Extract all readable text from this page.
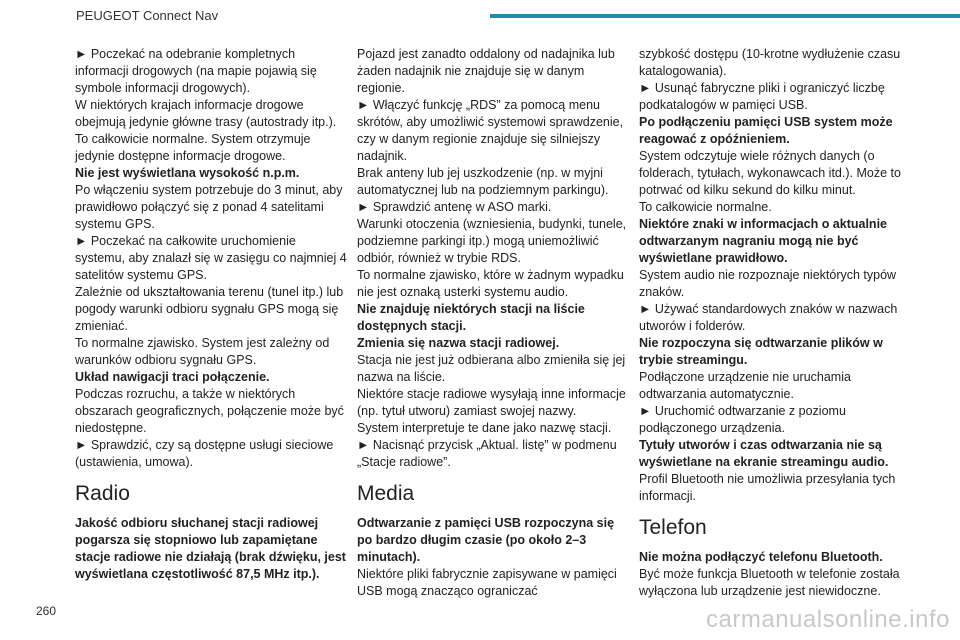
PEUGEOT Connect Nav

► Poczekać na odebranie kompletnych informacji drogowych (na mapie pojawią się symbole informacji drogowych).

W niektórych krajach informacje drogowe obejmują jedynie główne trasy (autostrady itp.).

To całkowicie normalne. System otrzymuje jedynie dostępne informacje drogowe.

Nie jest wyświetlana wysokość n.p.m.

Po włączeniu system potrzebuje do 3 minut, aby prawidłowo połączyć się z ponad 4 satelitami systemu GPS.

► Poczekać na całkowite uruchomienie systemu, aby znalazł się w zasięgu co najmniej 4 satelitów systemu GPS.

Zależnie od ukształtowania terenu (tunel itp.) lub pogody warunki odbioru sygnału GPS mogą się zmieniać.

To normalne zjawisko. System jest zależny od warunków odbioru sygnału GPS.

Układ nawigacji traci połączenie.

Podczas rozruchu, a także w niektórych obszarach geograficznych, połączenie może być niedostępne.

► Sprawdzić, czy są dostępne usługi sieciowe (ustawienia, umowa).

Radio

Jakość odbioru słuchanej stacji radiowej pogarsza się stopniowo lub zapamiętane stacje radiowe nie działają (brak dźwięku, jest wyświetlana częstotliwość 87,5 MHz itp.).

Pojazd jest zanadto oddalony od nadajnika lub żaden nadajnik nie znajduje się w danym regionie.

► Włączyć funkcję „RDS” za pomocą menu skrótów, aby umożliwić systemowi sprawdzenie, czy w danym regionie znajduje się silniejszy nadajnik.

Brak anteny lub jej uszkodzenie (np. w myjni automatycznej lub na podziemnym parkingu).

► Sprawdzić antenę w ASO marki.

Warunki otoczenia (wzniesienia, budynki, tunele, podziemne parkingi itp.) mogą uniemożliwić odbiór, również w trybie RDS.

To normalne zjawisko, które w żadnym wypadku nie jest oznaką usterki systemu audio.

Nie znajduję niektórych stacji na liście dostępnych stacji.

Zmienia się nazwa stacji radiowej.

Stacja nie jest już odbierana albo zmieniła się jej nazwa na liście.

Niektóre stacje radiowe wysyłają inne informacje (np. tytuł utworu) zamiast swojej nazwy.

System interpretuje te dane jako nazwę stacji.

► Nacisnąć przycisk „Aktual. listę” w podmenu „Stacje radiowe”.

Media

Odtwarzanie z pamięci USB rozpoczyna się po bardzo długim czasie (po około 2–3 minutach).

Niektóre pliki fabrycznie zapisywane w pamięci USB mogą znacząco ograniczać

szybkość dostępu (10-krotne wydłużenie czasu katalogowania).

► Usunąć fabryczne pliki i ograniczyć liczbę podkatalogów w pamięci USB.

Po podłączeniu pamięci USB system może reagować z opóźnieniem.

System odczytuje wiele różnych danych (o folderach, tytułach, wykonawcach itd.). Może to potrwać od kilku sekund do kilku minut.

To całkowicie normalne.

Niektóre znaki w informacjach o aktualnie odtwarzanym nagraniu mogą nie być wyświetlane prawidłowo.

System audio nie rozpoznaje niektórych typów znaków.

► Używać standardowych znaków w nazwach utworów i folderów.

Nie rozpoczyna się odtwarzanie plików w trybie streamingu.

Podłączone urządzenie nie uruchamia odtwarzania automatycznie.

► Uruchomić odtwarzanie z poziomu podłączonego urządzenia.

Tytuły utworów i czas odtwarzania nie są wyświetlane na ekranie streamingu audio.

Profil Bluetooth nie umożliwia przesyłania tych informacji.

Telefon

Nie można podłączyć telefonu Bluetooth.

Być może funkcja Bluetooth w telefonie została wyłączona lub urządzenie jest niewidoczne.

260	carmanualsonline.info
